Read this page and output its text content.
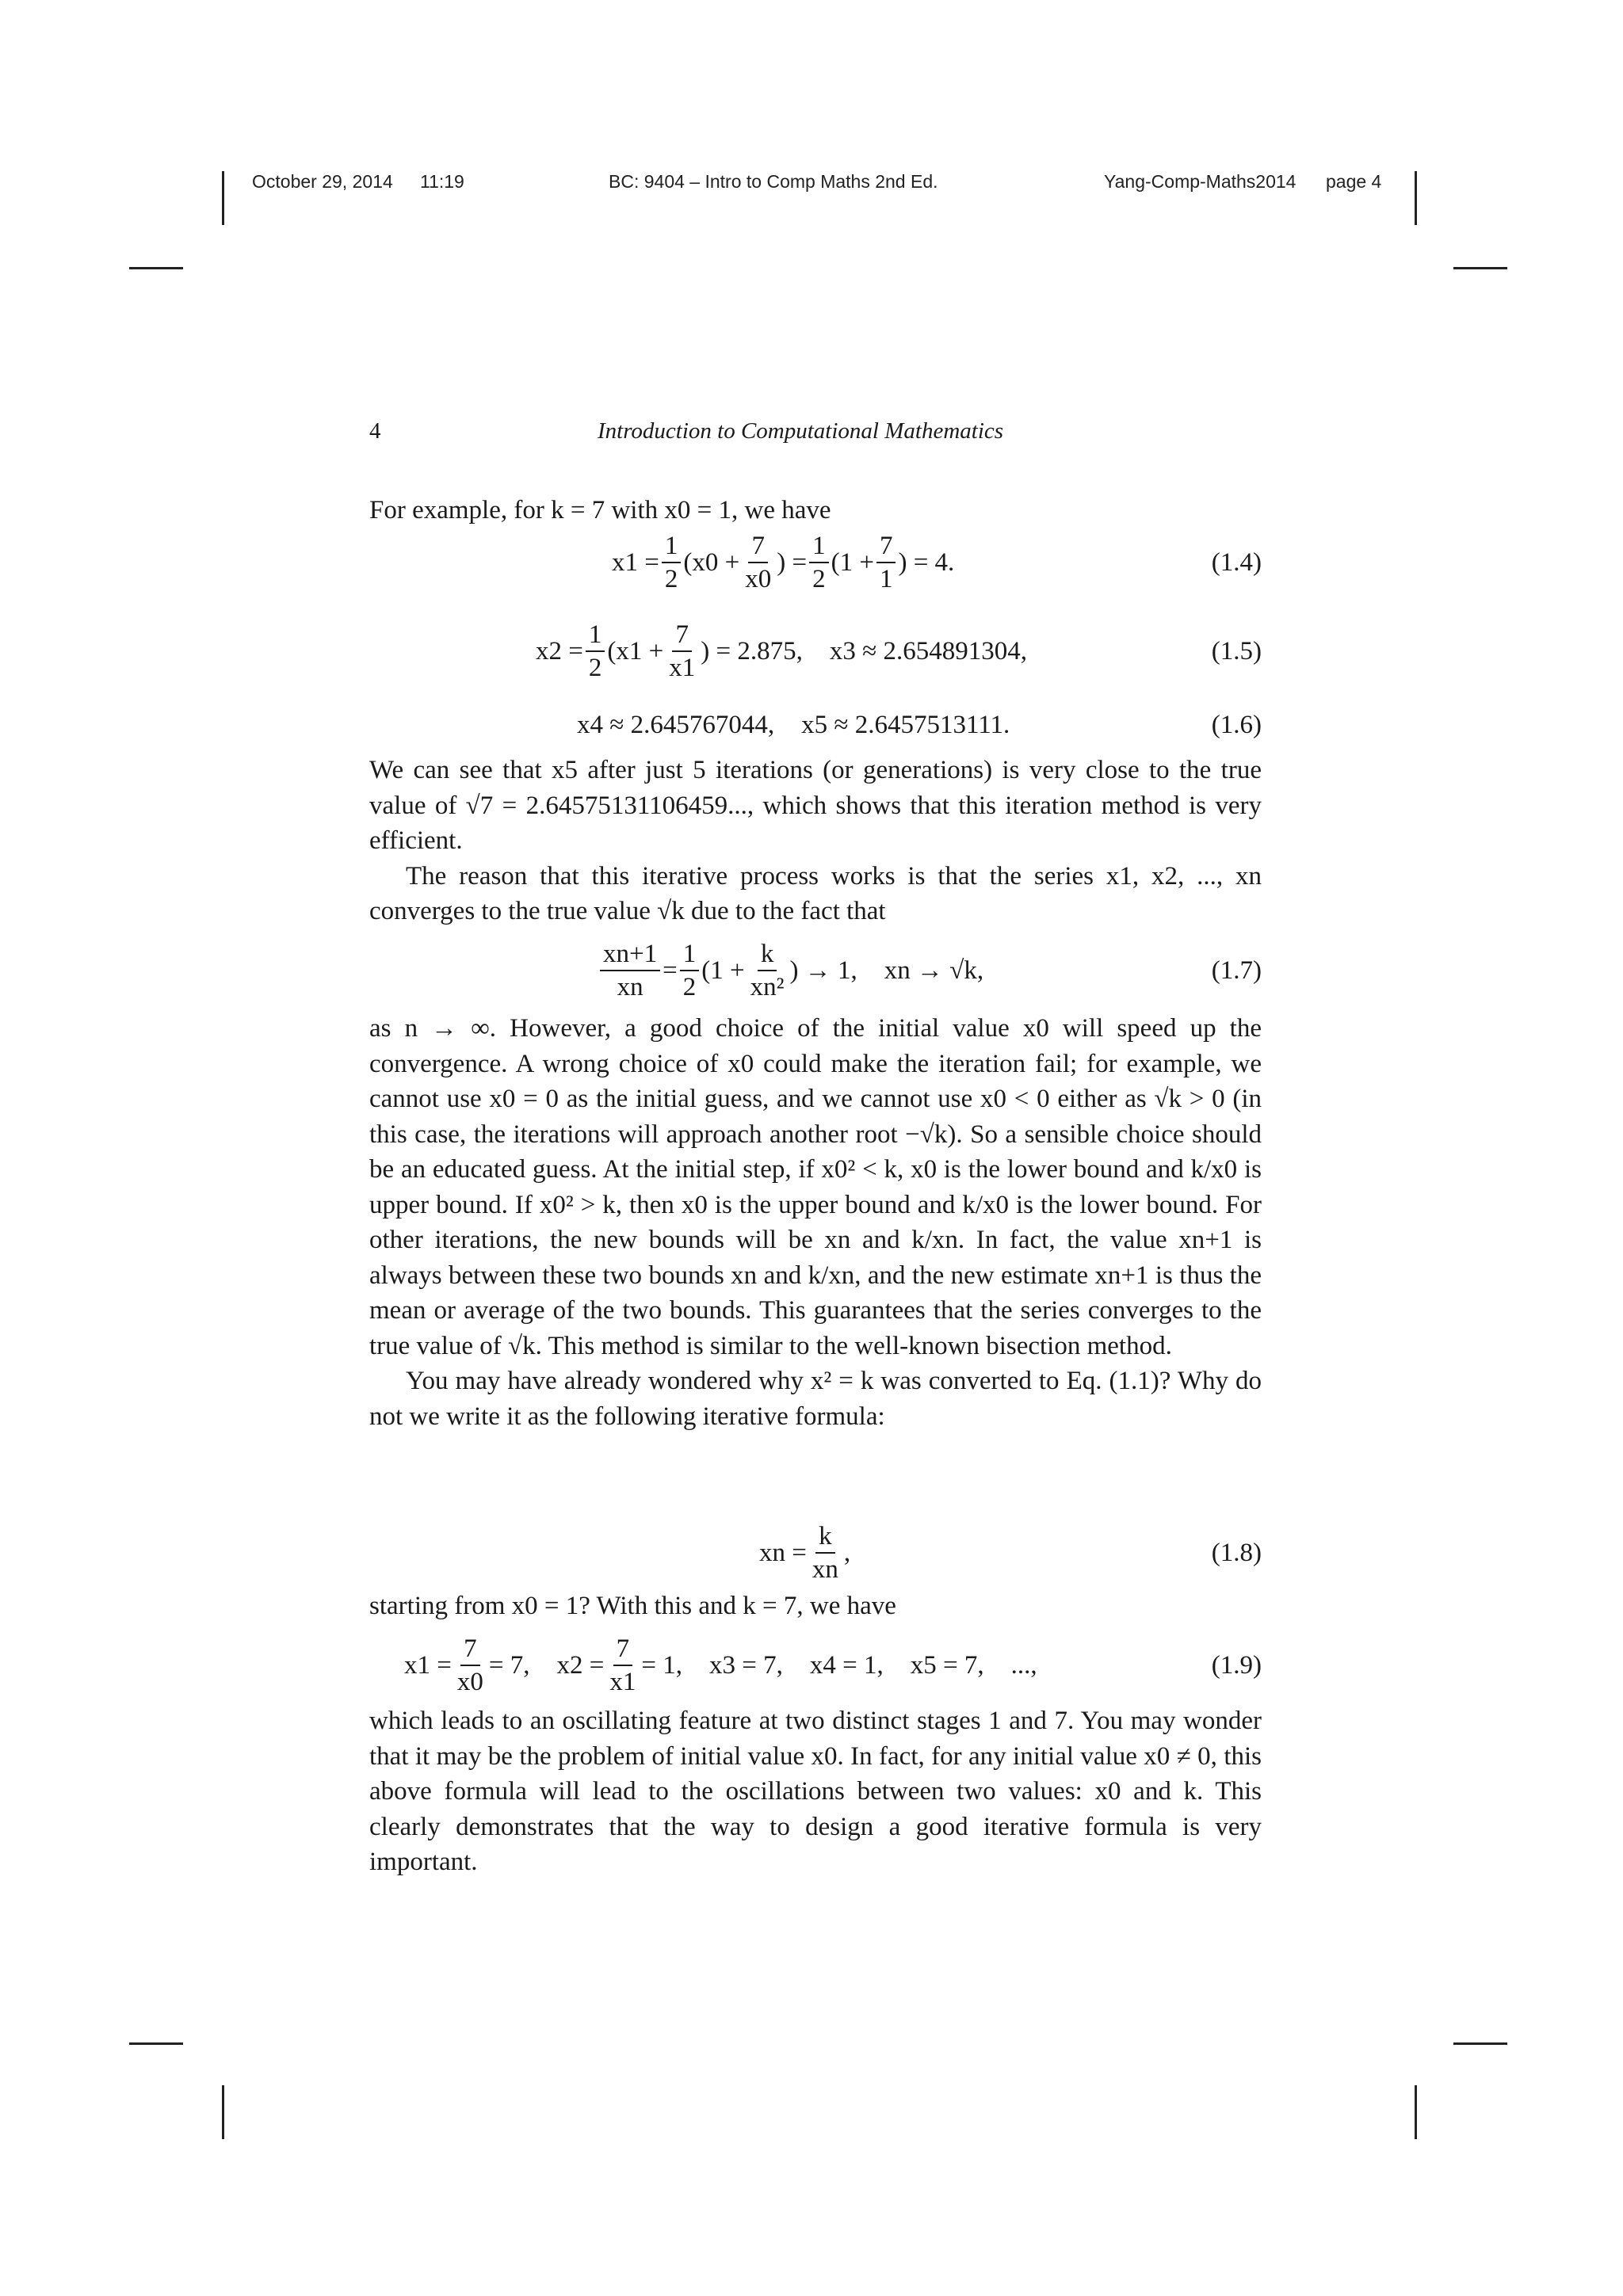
October 29, 2014 11:19	BC: 9404 – Intro to Comp Maths 2nd Ed.	Yang-Comp-Maths2014 page 4
4	Introduction to Computational Mathematics

For example, for k = 7 with x0 = 1, we have

$x1 = \frac{1}{2} (x0 + \frac{7}{x0}$ ) = $\frac{1}{2} (1 + \frac{7}{1}$ ) = 4.	(1.4)
$x2 = \frac{1}{2} (x1 + \frac{7}{x1}$ ) = 2.875, x3 ≈ 2.654891304,	(1.5)
x4 ≈ 2.645767044, x5 ≈ 2.6457513111.	(1.6)

We can see that x5 after just 5 iterations (or generations) is very close to the true value of √7 = 2.64575131106459..., which shows that this iteration method is very efficient.

The reason that this iterative process works is that the series x1, x2, ..., xn converges to the true value √k due to the fact that

$\frac{xn+1}{xn} = \frac{1}{2} (1 + \frac{k}{\text{xn²}}$ ) → 1, xn → √k,	(1.7)

as n → ∞. However, a good choice of the initial value x0 will speed up the convergence. A wrong choice of x0 could make the iteration fail; for example, we cannot use x0 = 0 as the initial guess, and we cannot use x0 < 0 either as √k > 0 (in this case, the iterations will approach another root −√k). So a sensible choice should be an educated guess. At the initial step, if x0² < k, x0 is the lower bound and k/x0 is upper bound. If x0² > k, then x0 is the upper bound and k/x0 is the lower bound. For other iterations, the new bounds will be xn and k/xn. In fact, the value xn+1 is always between these two bounds xn and k/xn, and the new estimate xn+1 is thus the mean or average of the two bounds. This guarantees that the series converges to the true value of √k. This method is similar to the well-known bisection method.

You may have already wondered why x² = k was converted to Eq. (1.1)? Why do not we write it as the following iterative formula:

xn = $\frac{k}{xn}$ ,	(1.8)

starting from x0 = 1? With this and k = 7, we have

$x1 = \frac{7}{x0} = 7$, $x2 = \frac{7}{x1} = 1$, x3 = 7, x4 = 1, x5 = 7, ...,	(1.9)

which leads to an oscillating feature at two distinct stages 1 and 7. You may wonder that it may be the problem of initial value x0. In fact, for any initial value x0 ≠ 0, this above formula will lead to the oscillations between two values: x0 and k. This clearly demonstrates that the way to design a good iterative formula is very important.
